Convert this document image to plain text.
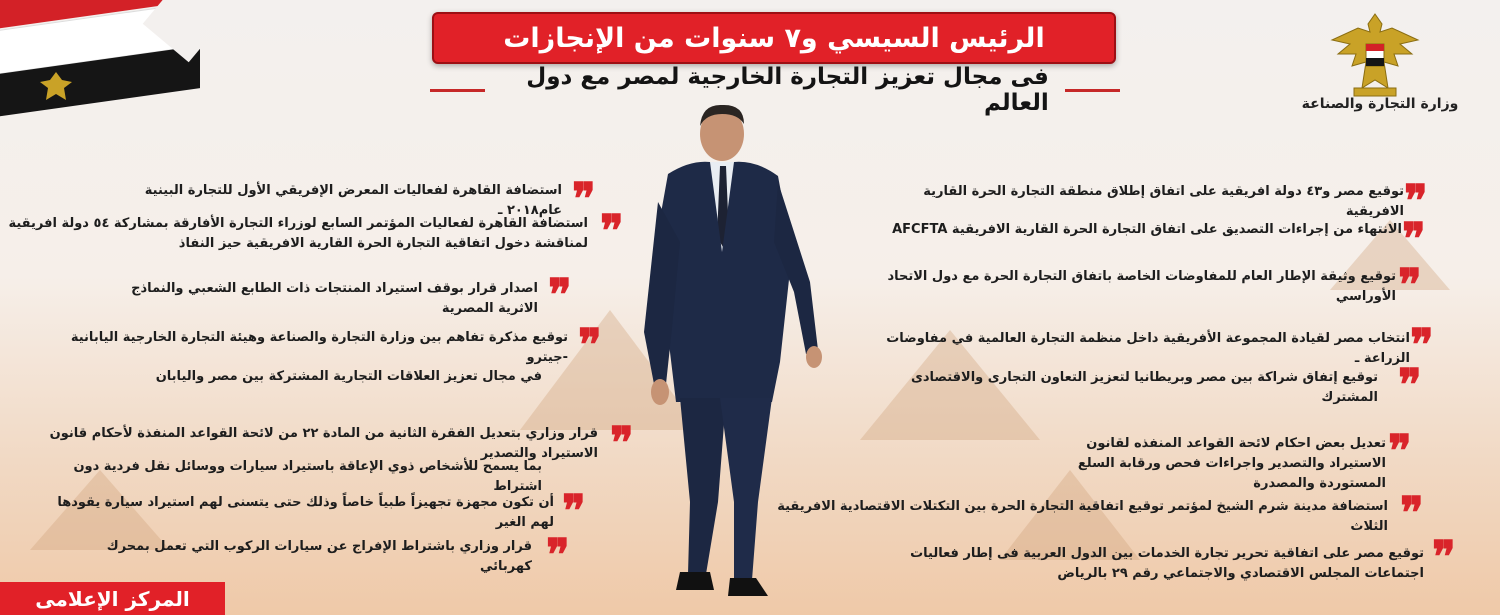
الرئيس السيسي و٧ سنوات من الإنجازات
فى مجال تعزيز التجارة الخارجية لمصر مع دول العالم	وزارة التجارة والصناعة
استضافة القاهرة لفعاليات المعرض الإفريقي الأول للتجارة البينية عام٢٠١٨ ـ ❞
استضافة القاهرة لفعاليات المؤتمر السابع لوزراء التجارة الأفارقة بمشاركة ٥٤ دولة افريقية لمناقشة دخول اتفاقية التجارة الحرة القارية الافريقية حيز النفاذ ❞
اصدار قرار بوقف استيراد المنتجات ذات الطابع الشعبي والنماذج الاثرية المصرية ❞
توقيع مذكرة تفاهم بين وزارة التجارة والصناعة وهيئة التجارة الخارجية اليابانية -جيترو ❞
في مجال تعزيز العلاقات التجارية المشتركة بين مصر واليابان
قرار وزاري بتعديل الفقرة الثانية من المادة ٢٢ من لائحة القواعد المنفذة لأحكام قانون الاستيراد والتصدير ❞
بما يسمح للأشخاص ذوي الإعاقة باستيراد سيارات ووسائل نقل فردية دون اشتراط
أن تكون مجهزة تجهيزاً طبياً خاصاً وذلك حتى يتسنى لهم استيراد سيارة يقودها لهم الغير ❞
قرار وزاري باشتراط الإفراج عن سيارات الركوب التي تعمل بمحرك كهربائي ❞
توقيع مصر و٤٣ دولة افريقية على اتفاق إطلاق منطقة التجارة الحرة القارية الافريقية ❞
الانتهاء من إجراءات التصديق على اتفاق التجارة الحرة القارية الافريقية AFCFTA ❞
توقيع وثيقة الإطار العام للمفاوضات الخاصة باتفاق التجارة الحرة مع دول الاتحاد الأوراسي ❞
انتخاب مصر لقيادة المجموعة الأفريقية داخل منظمة التجارة العالمية في مفاوضات الزراعة ـ ❞
توقيع إتفاق شراكة بين مصر وبريطانيا لتعزيز التعاون التجارى والاقتصادى المشترك ❞
تعديل بعض احكام لائحة القواعد المنفذه لقانون الاستيراد والتصدير واجراءات فحص ورقابة السلع المستوردة والمصدرة
❞
استضافة مدينة شرم الشيخ لمؤتمر توقيع اتفاقية التجارة الحرة بين التكتلات الاقتصادية الافريقية الثلاث ❞
توقيع مصر على اتفاقية تحرير تجارة الخدمات بين الدول العربية فى إطار فعاليات اجتماعات المجلس الاقتصادي والاجتماعي رقم ٢٩ بالرياض ❞
المركز الإعلامى
